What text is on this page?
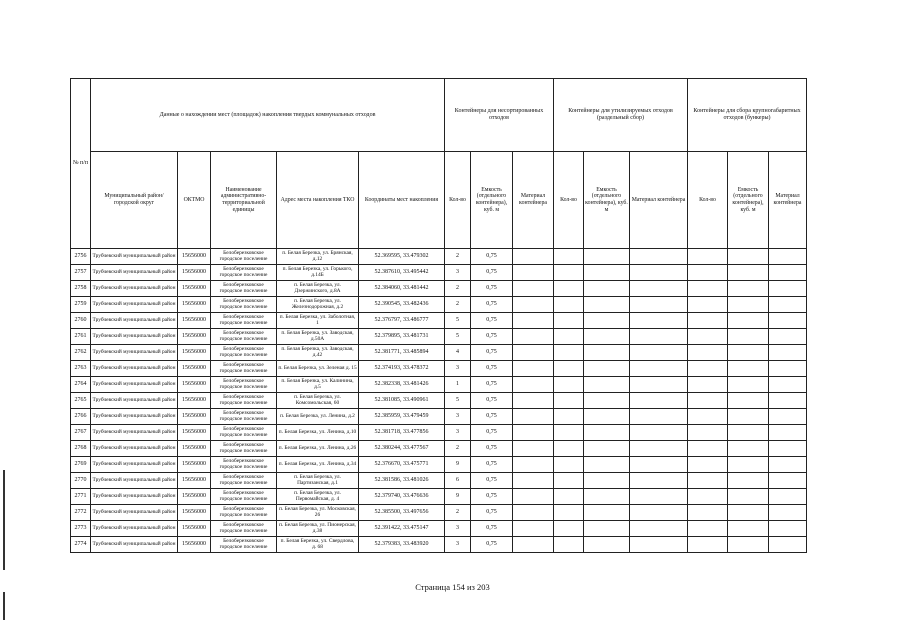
№ п/п	Данные о нахождении мест (площадок) накопления твердых коммунальных отходов					Контейнеры для несортированных отходов			Контейнеры для утилизируемых отходов (раздельный сбор)			Контейнеры для сбора крупногабаритных отходов (бункеры)		
	Муниципальный район/городской округ	ОКТМО	Наименование административно-территориальной единицы	Адрес места накопления ТКО	Координаты мест накопления	Кол-во	Емкость (отдельного контейнера), куб. м	Материал контейнера	Кол-во	Емкость (отдельного контейнера), куб. м	Материал контейнера	Кол-во	Емкость (отдельного контейнера), куб. м	Материал контейнера
2756	Трубчевский муниципальный район	15656000	Белоберезковское городское поселение	п. Белая Березка, ул. Брянская, д.12	52.369595, 33.479302	2	0,75							
2757	Трубчевский муниципальный район	15656000	Белоберезковское городское поселение	п. Белая Березка, ул. Горького, д.14Б	52.387610, 33.495442	3	0,75							
2758	Трубчевский муниципальный район	15656000	Белоберезковское городское поселение	п. Белая Березка, ул. Дзержинского, д.8А	52.384060, 33.481442	2	0,75							
2759	Трубчевский муниципальный район	15656000	Белоберезковское городское поселение	п. Белая Березка, ул. Железнодорожная, д.2	52.390545, 33.482436	2	0,75							
2760	Трубчевский муниципальный район	15656000	Белоберезковское городское поселение	п. Белая Березка, ул. Заболотная, 1	52.376797, 33.486777	5	0,75							
2761	Трубчевский муниципальный район	15656000	Белоберезковское городское поселение	п. Белая Березка, ул. Заводская, д.50А	52.379895, 33.481731	5	0,75							
2762	Трубчевский муниципальный район	15656000	Белоберезковское городское поселение	п. Белая Березка, ул. Заводская, д.42	52.381771, 33.485894	4	0,75							
2763	Трубчевский муниципальный район	15656000	Белоберезковское городское поселение	п. Белая Березка, ул. Зеленая д. 15	52.374193, 33.478372	3	0,75							
2764	Трубчевский муниципальный район	15656000	Белоберезковское городское поселение	п. Белая Березка, ул. Калинина, д.5	52.382338, 33.481426	1	0,75							
2765	Трубчевский муниципальный район	15656000	Белоберезковское городское поселение	п. Белая Березка, ул. Комсомольская, 60	52.381085, 33.490961	5	0,75							
2766	Трубчевский муниципальный район	15656000	Белоберезковское городское поселение	п. Белая Березка, ул. Ленина, д.2	52.385959, 33.479459	3	0,75							
2767	Трубчевский муниципальный район	15656000	Белоберезковское городское поселение	п. Белая Березка, ул. Ленина, д.10	52.381718, 33.477856	3	0,75							
2768	Трубчевский муниципальный район	15656000	Белоберезковское городское поселение	п. Белая Березка, ул. Ленина, д.26	52.380244, 33.477567	2	0,75							
2769	Трубчевский муниципальный район	15656000	Белоберезковское городское поселение	п. Белая Березка, ул. Ленина, д.34	52.376670, 33.475771	9	0,75							
2770	Трубчевский муниципальный район	15656000	Белоберезковское городское поселение	п. Белая Березка, ул. Партизанская, д.1	52.381586, 33.481026	6	0,75							
2771	Трубчевский муниципальный район	15656000	Белоберезковское городское поселение	п. Белая Березка, ул. Первомайская, д. 4	52.379740, 33.476636	9	0,75							
2772	Трубчевский муниципальный район	15656000	Белоберезковское городское поселение	п. Белая Березка, ул. Московская, 26	52.385500, 33.497656	2	0,75							
2773	Трубчевский муниципальный район	15656000	Белоберезковское городское поселение	п. Белая Березка, ул. Пионерская, д.38	52.391422, 33.475147	3	0,75							
2774	Трубчевский муниципальный район	15656000	Белоберезковское городское поселение	п. Белая Березка, ул. Свердлова, д. 68	52.379383, 33.483920	3	0,75							
Страница 154 из 203
